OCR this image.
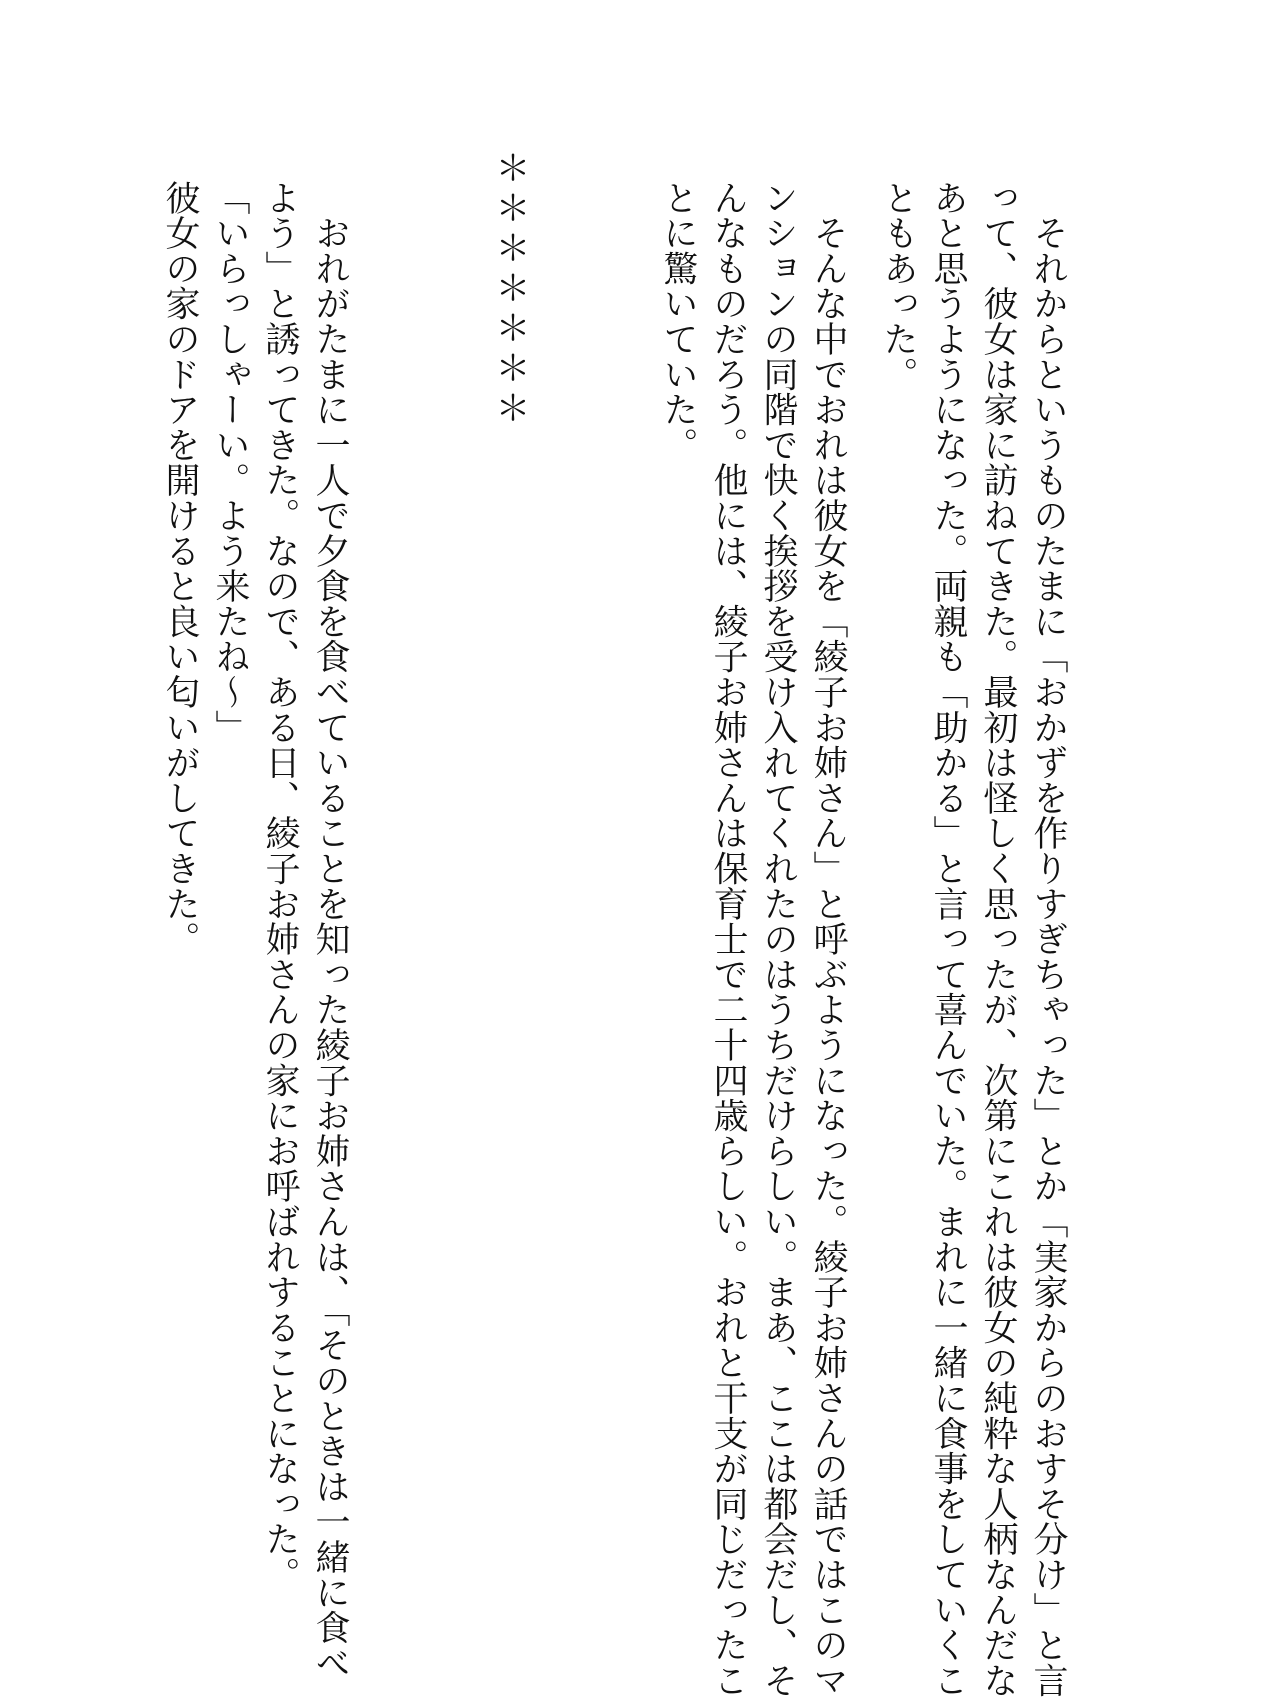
　それからというものたまに「おかずを作りすぎちゃった」とか「実家からのおすそ分け」と言
って、彼女は家に訪ねてきた。最初は怪しく思ったが、次第にこれは彼女の純粋な人柄なんだな
あと思うようになった。両親も「助かる」と言って喜んでいた。まれに一緒に食事をしていくこ
ともあった。
　そんな中でおれは彼女を「綾子お姉さん」と呼ぶようになった。綾子お姉さんの話ではこのマ
ンションの同階で快く挨拶を受け入れてくれたのはうちだけらしい。まあ、ここは都会だし、そ
んなものだろう。他には、綾子お姉さんは保育士で二十四歳らしい。おれと干支が同じだったこ
とに驚いていた。
＊＊＊＊＊＊＊
　おれがたまに一人で夕食を食べていることを知った綾子お姉さんは、「そのときは一緒に食べ
よう」と誘ってきた。なので、ある日、綾子お姉さんの家にお呼ばれすることになった。
「いらっしゃーい。よう来たね～」
彼女の家のドアを開けると良い匂いがしてきた。
